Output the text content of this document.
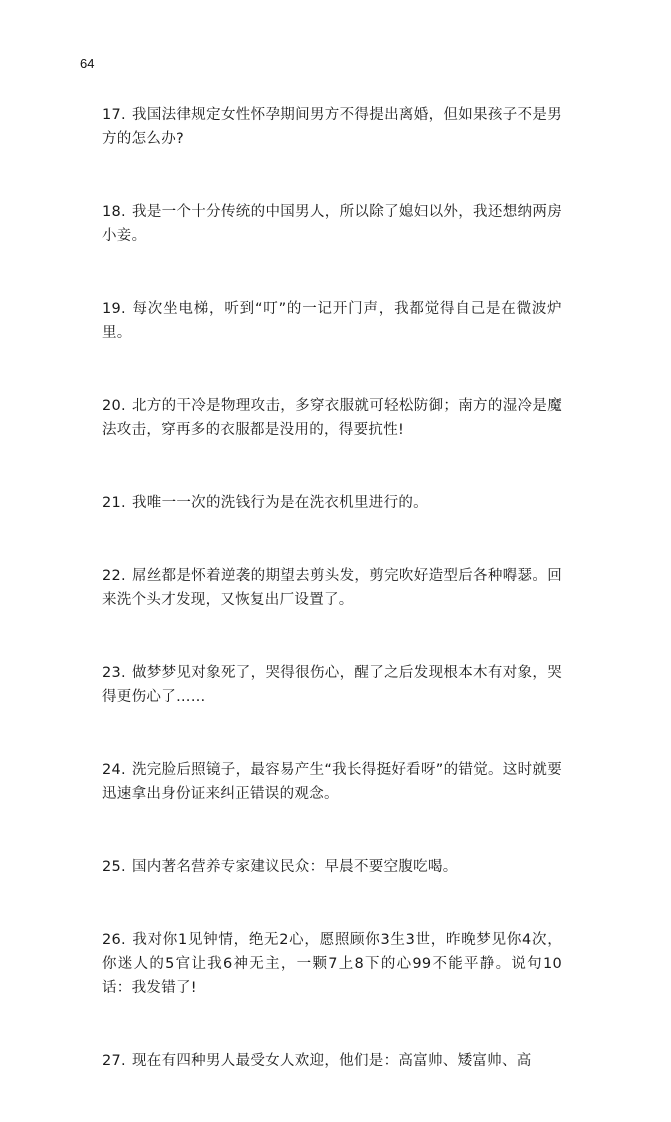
64

17. 我国法律规定女性怀孕期间男方不得提出离婚，但如果孩子不是男方的怎么办?

18. 我是一个十分传统的中国男人，所以除了媳妇以外，我还想纳两房小妾。

19. 每次坐电梯，听到“叮”的一记开门声，我都觉得自己是在微波炉里。

20. 北方的干冷是物理攻击，多穿衣服就可轻松防御；南方的湿冷是魔法攻击，穿再多的衣服都是没用的，得要抗性!

21. 我唯一一次的洗钱行为是在洗衣机里进行的。

22. 屌丝都是怀着逆袭的期望去剪头发，剪完吹好造型后各种嘚瑟。回来洗个头才发现，又恢复出厂设置了。

23. 做梦梦见对象死了，哭得很伤心，醒了之后发现根本木有对象，哭得更伤心了……

24. 洗完脸后照镜子，最容易产生“我长得挺好看呀”的错觉。这时就要迅速拿出身份证来纠正错误的观念。

25. 国内著名营养专家建议民众：早晨不要空腹吃喝。

26. 我对你1见钟情，绝无2心，愿照顾你3生3世，昨晚梦见你4次，你迷人的5官让我6神无主，一颗7上8下的心99不能平静。说句10话：我发错了!

27. 现在有四种男人最受女人欢迎，他们是：高富帅、矮富帅、高
